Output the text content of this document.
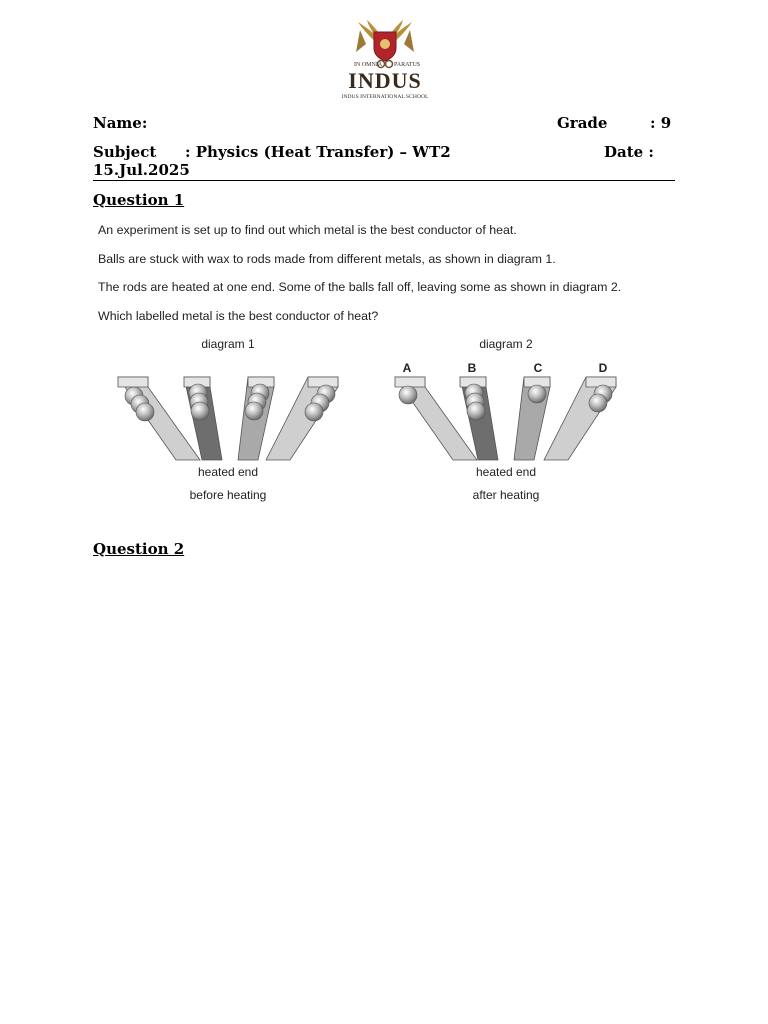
IN OMNIA PARATUS
INDUS
INDUS INTERNATIONAL SCHOOL
Name:	Grade	: 9
Subject : Physics (Heat Transfer) – WT2	Date :
15.Jul.2025
Question 1
An experiment is set up to find out which metal is the best conductor of heat.
Balls are stuck with wax to rods made from different metals, as shown in diagram 1.
The rods are heated at one end. Some of the balls fall off, leaving some as shown in diagram 2.
Which labelled metal is the best conductor of heat?
diagram 1
heated end
before heating
diagram 2
heated end
after heating
A	B	C	D
Question 2
